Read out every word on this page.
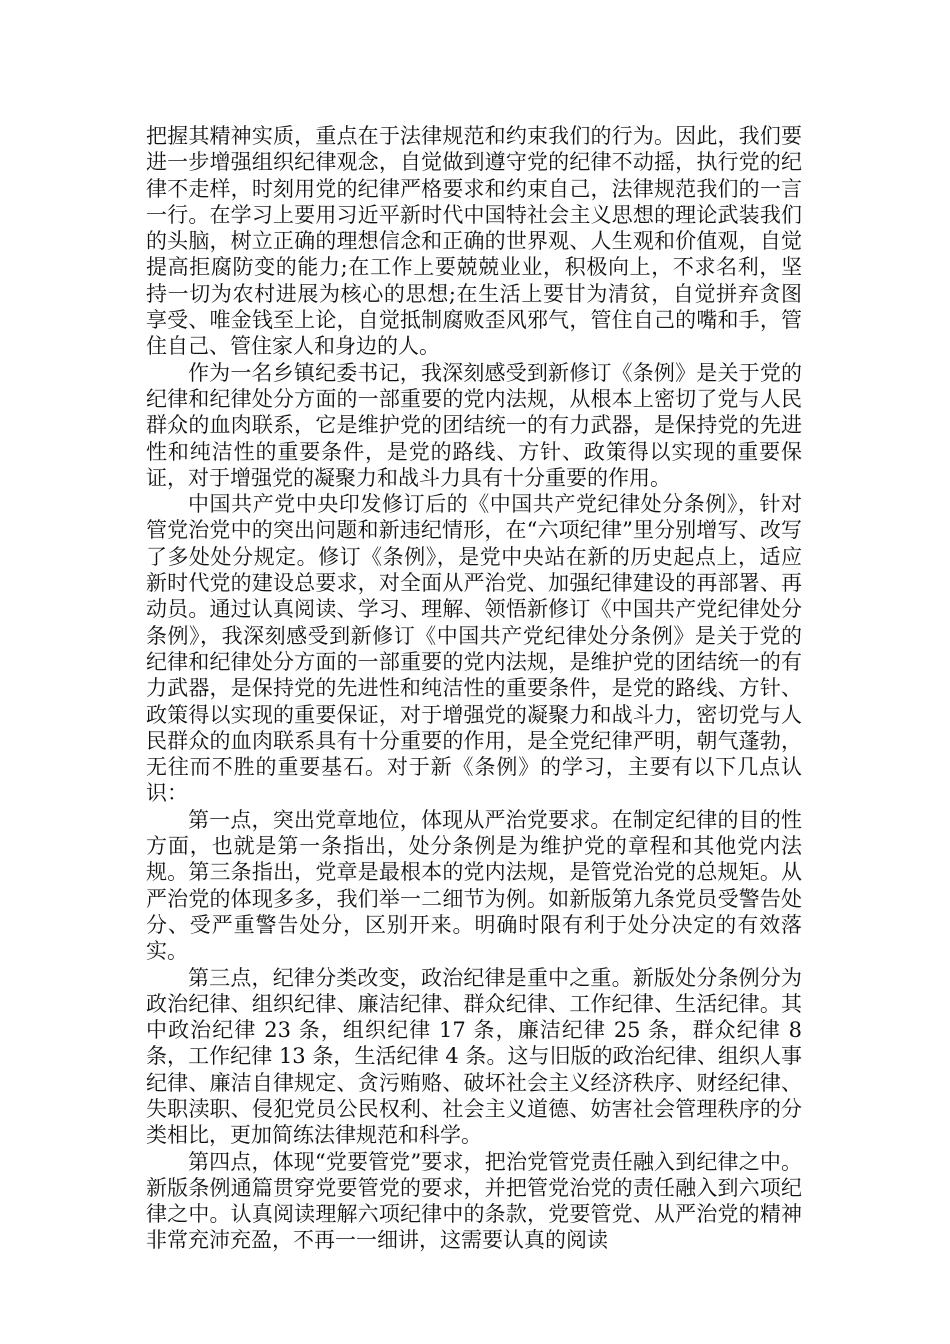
把握其精神实质，重点在于法律规范和约束我们的行为。因此，我们要进一步增强组织纪律观念，自觉做到遵守党的纪律不动摇，执行党的纪律不走样，时刻用党的纪律严格要求和约束自己，法律规范我们的一言一行。在学习上要用习近平新时代中国特社会主义思想的理论武装我们的头脑，树立正确的理想信念和正确的世界观、人生观和价值观，自觉提高拒腐防变的能力;在工作上要兢兢业业，积极向上，不求名利，坚持一切为农村进展为核心的思想;在生活上要甘为清贫，自觉拼弃贪图享受、唯金钱至上论，自觉抵制腐败歪风邪气，管住自己的嘴和手，管住自己、管住家人和身边的人。

作为一名乡镇纪委书记，我深刻感受到新修订《条例》是关于党的纪律和纪律处分方面的一部重要的党内法规，从根本上密切了党与人民群众的血肉联系，它是维护党的团结统一的有力武器，是保持党的先进性和纯洁性的重要条件，是党的路线、方针、政策得以实现的重要保证，对于增强党的凝聚力和战斗力具有十分重要的作用。

中国共产党中央印发修订后的《中国共产党纪律处分条例》，针对管党治党中的突出问题和新违纪情形，在“六项纪律”里分别增写、改写了多处处分规定。修订《条例》，是党中央站在新的历史起点上，适应新时代党的建设总要求，对全面从严治党、加强纪律建设的再部署、再动员。通过认真阅读、学习、理解、领悟新修订《中国共产党纪律处分条例》，我深刻感受到新修订《中国共产党纪律处分条例》是关于党的纪律和纪律处分方面的一部重要的党内法规，是维护党的团结统一的有力武器，是保持党的先进性和纯洁性的重要条件，是党的路线、方针、政策得以实现的重要保证，对于增强党的凝聚力和战斗力，密切党与人民群众的血肉联系具有十分重要的作用，是全党纪律严明，朝气蓬勃，无往而不胜的重要基石。对于新《条例》的学习，主要有以下几点认识：

第一点，突出党章地位，体现从严治党要求。在制定纪律的目的性方面，也就是第一条指出，处分条例是为维护党的章程和其他党内法规。第三条指出，党章是最根本的党内法规，是管党治党的总规矩。从严治党的体现多多，我们举一二细节为例。如新版第九条党员受警告处分、受严重警告处分，区别开来。明确时限有利于处分决定的有效落实。

第三点，纪律分类改变，政治纪律是重中之重。新版处分条例分为政治纪律、组织纪律、廉洁纪律、群众纪律、工作纪律、生活纪律。其中政治纪律 23 条，组织纪律 17 条，廉洁纪律 25 条，群众纪律 8 条，工作纪律 13 条，生活纪律 4 条。这与旧版的政治纪律、组织人事纪律、廉洁自律规定、贪污贿赂、破坏社会主义经济秩序、财经纪律、失职渎职、侵犯党员公民权利、社会主义道德、妨害社会管理秩序的分类相比，更加简练法律规范和科学。

第四点，体现“党要管党”要求，把治党管党责任融入到纪律之中。新版条例通篇贯穿党要管党的要求，并把管党治党的责任融入到六项纪律之中。认真阅读理解六项纪律中的条款，党要管党、从严治党的精神非常充沛充盈，不再一一细讲，这需要认真的阅读
